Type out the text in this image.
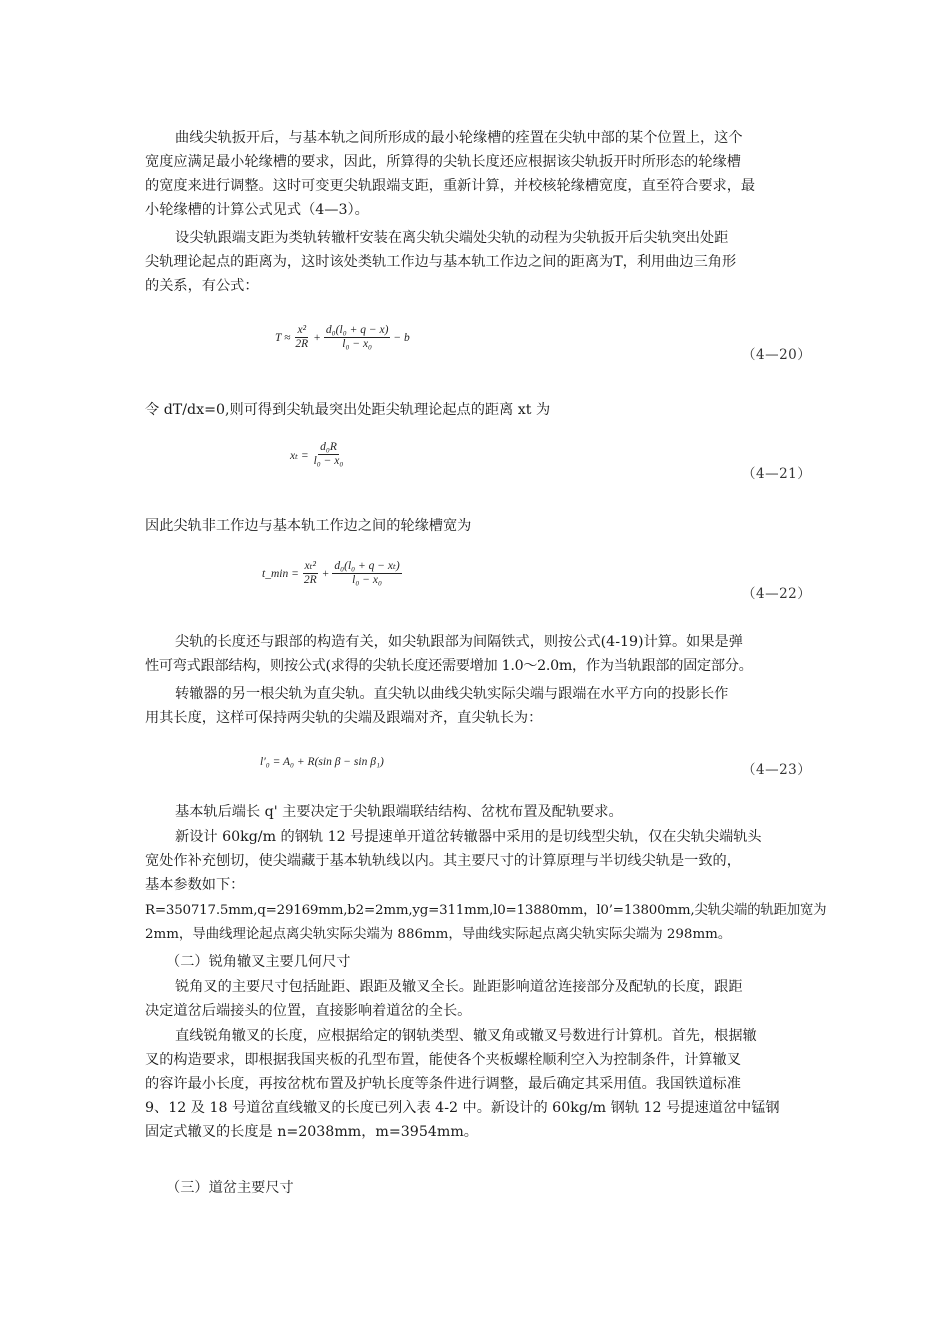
曲线尖轨扳开后，与基本轨之间所形成的最小轮缘槽的痊置在尖轨中部的某个位置上，这个
宽度应满足最小轮缘槽的要求，因此，所算得的尖轨长度还应根据该尖轨扳开时所形态的轮缘槽
的宽度来进行调整。这时可变更尖轨跟端支距，重新计算，并校核轮缘槽宽度，直至符合要求，最
小轮缘槽的计算公式见式（4—3）。
设尖轨跟端支距为类轨转辙杆安装在离尖轨尖端处尖轨的动程为尖轨扳开后尖轨突出处距
尖轨理论起点的距离为，这时该处类轨工作边与基本轨工作边之间的距离为T，利用曲边三角形
的关系，有公式：
$T \approx \frac{\text{x²}}{2R} + \frac{\text{d₀(l₀ + q − x)}}{\text{l₀ − x₀}} - b$
（4—20）
令 dT/dx=0,则可得到尖轨最突出处距尖轨理论起点的距离 xt 为
$x_t = \frac{\text{d₀R}}{\text{l₀ − x₀}}$
（4—21）
因此尖轨非工作边与基本轨工作边之间的轮缘槽宽为
t_min = $\frac{\text{xₜ²}}{2R} + \frac{\text{d₀(l₀ + q − xₜ)}}{\text{l₀ − x₀}}$
（4—22）
尖轨的长度还与跟部的构造有关，如尖轨跟部为间隔铁式，则按公式(4-19)计算。如果是弹
性可弯式跟部结构，则按公式(求得的尖轨长度还需要增加 1.0～2.0m，作为当轨跟部的固定部分。
转辙器的另一根尖轨为直尖轨。直尖轨以曲线尖轨实际尖端与跟端在水平方向的投影长作
用其长度，这样可保持两尖轨的尖端及跟端对齐，直尖轨长为：
l′₀ = A₀ + R(sin β − sin β₁)	（4—23）
基本轨后端长 q' 主要决定于尖轨跟端联结结构、岔枕布置及配轨要求。
新设计 60kg/m 的钢轨 12 号提速单开道岔转辙器中采用的是切线型尖轨，仅在尖轨尖端轨头
宽处作补充刨切，使尖端藏于基本轨轨线以内。其主要尺寸的计算原理与半切线尖轨是一致的，
基本参数如下：
R=350717.5mm,q=29169mm,b2=2mm,yg=311mm,l0=13880mm，l0’=13800mm,尖轨尖端的轨距加宽为
2mm，导曲线理论起点离尖轨实际尖端为 886mm，导曲线实际起点离尖轨实际尖端为 298mm。
（二）锐角辙叉主要几何尺寸
锐角叉的主要尺寸包括趾距、跟距及辙叉全长。趾距影响道岔连接部分及配轨的长度，跟距
决定道岔后端接头的位置，直接影响着道岔的全长。
直线锐角辙叉的长度，应根据给定的钢轨类型、辙叉角或辙叉号数进行计算机。首先，根据辙
叉的构造要求，即根据我国夹板的孔型布置，能使各个夹板螺栓顺利空入为控制条件，计算辙叉
的容许最小长度，再按岔枕布置及护轨长度等条件进行调整，最后确定其采用值。我国铁道标准
9、12 及 18 号道岔直线辙叉的长度已列入表 4-2 中。新设计的 60kg/m 钢轨 12 号提速道岔中锰钢
固定式辙叉的长度是 n=2038mm，m=3954mm。
（三）道岔主要尺寸
